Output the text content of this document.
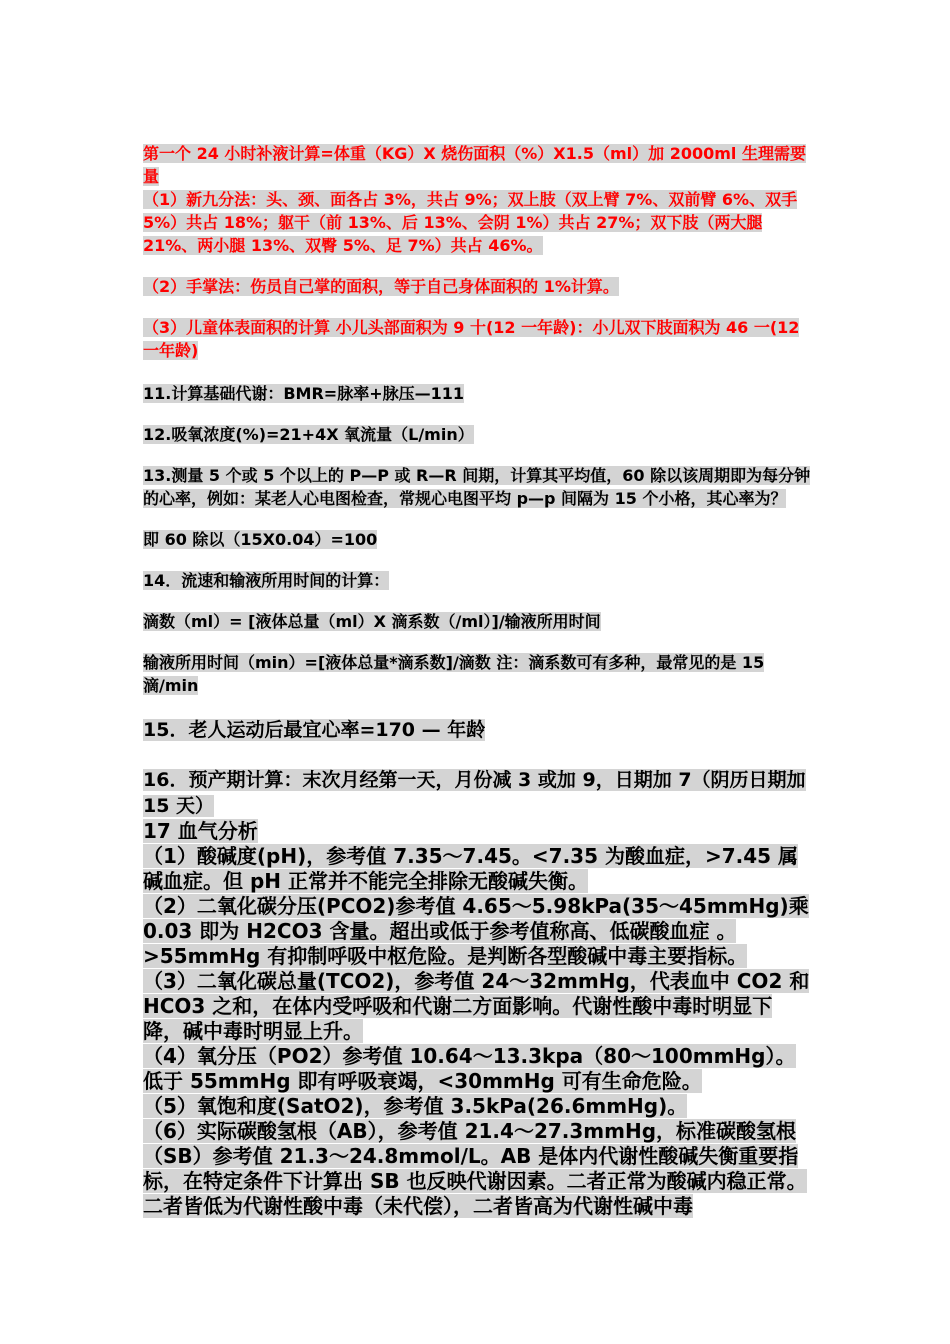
第一个 24 小时补液计算=体重（KG）X 烧伤面积（%）X1.5（ml）加 2000ml 生理需要量

（1）新九分法：头、颈、面各占 3%，共占 9%；双上肢（双上臂 7%、双前臂 6%、双手 5%）共占 18%；躯干（前 13%、后 13%、会阴 1%）共占 27%；双下肢（两大腿 21%、两小腿 13%、双臀 5%、足 7%）共占 46%。

（2）手掌法：伤员自己掌的面积，等于自己身体面积的 1%计算。

（3）儿童体表面积的计算 小儿头部面积为 9 十(12 一年龄)：小儿双下肢面积为 46 一(12 一年龄)

11.计算基础代谢：BMR=脉率+脉压—111

12.吸氧浓度(%)=21+4X 氧流量（L/min）

13.测量 5 个或 5 个以上的 P—P 或 R—R 间期，计算其平均值，60 除以该周期即为每分钟的心率，例如：某老人心电图检查，常规心电图平均 p—p 间隔为 15 个小格，其心率为？

即 60 除以（15X0.04）=100

14．流速和输液所用时间的计算：

滴数（ml）= [液体总量（ml）X 滴系数（/ml）]/输液所用时间

输液所用时间（min）=[液体总量*滴系数]/滴数 注：滴系数可有多种，最常见的是 15 滴/min

15．老人运动后最宜心率=170 — 年龄

16．预产期计算：末次月经第一天，月份减 3 或加 9，日期加 7（阴历日期加 15 天）

17 血气分析

（1）酸碱度(pH)，参考值 7.35～7.45。<7.35 为酸血症，>7.45 属碱血症。但 pH 正常并不能完全排除无酸碱失衡。

（2）二氧化碳分压(PCO2)参考值 4.65～5.98kPa(35～45mmHg)乘 0.03 即为 H2CO3 含量。超出或低于参考值称高、低碳酸血症 。>55mmHg 有抑制呼吸中枢危险。是判断各型酸碱中毒主要指标。

（3）二氧化碳总量(TCO2)，参考值 24～32mmHg，代表血中 CO2 和 HCO3 之和，在体内受呼吸和代谢二方面影响。代谢性酸中毒时明显下降，碱中毒时明显上升。

（4）氧分压（PO2）参考值 10.64～13.3kpa（80～100mmHg）。低于 55mmHg 即有呼吸衰竭，<30mmHg 可有生命危险。

（5）氧饱和度(SatO2)，参考值 3.5kPa(26.6mmHg)。

（6）实际碳酸氢根（AB），参考值 21.4～27.3mmHg，标准碳酸氢根（SB）参考值 21.3～24.8mmol/L。AB 是体内代谢性酸碱失衡重要指标，在特定条件下计算出 SB 也反映代谢因素。二者正常为酸碱内稳正常。二者皆低为代谢性酸中毒（未代偿），二者皆高为代谢性碱中毒
